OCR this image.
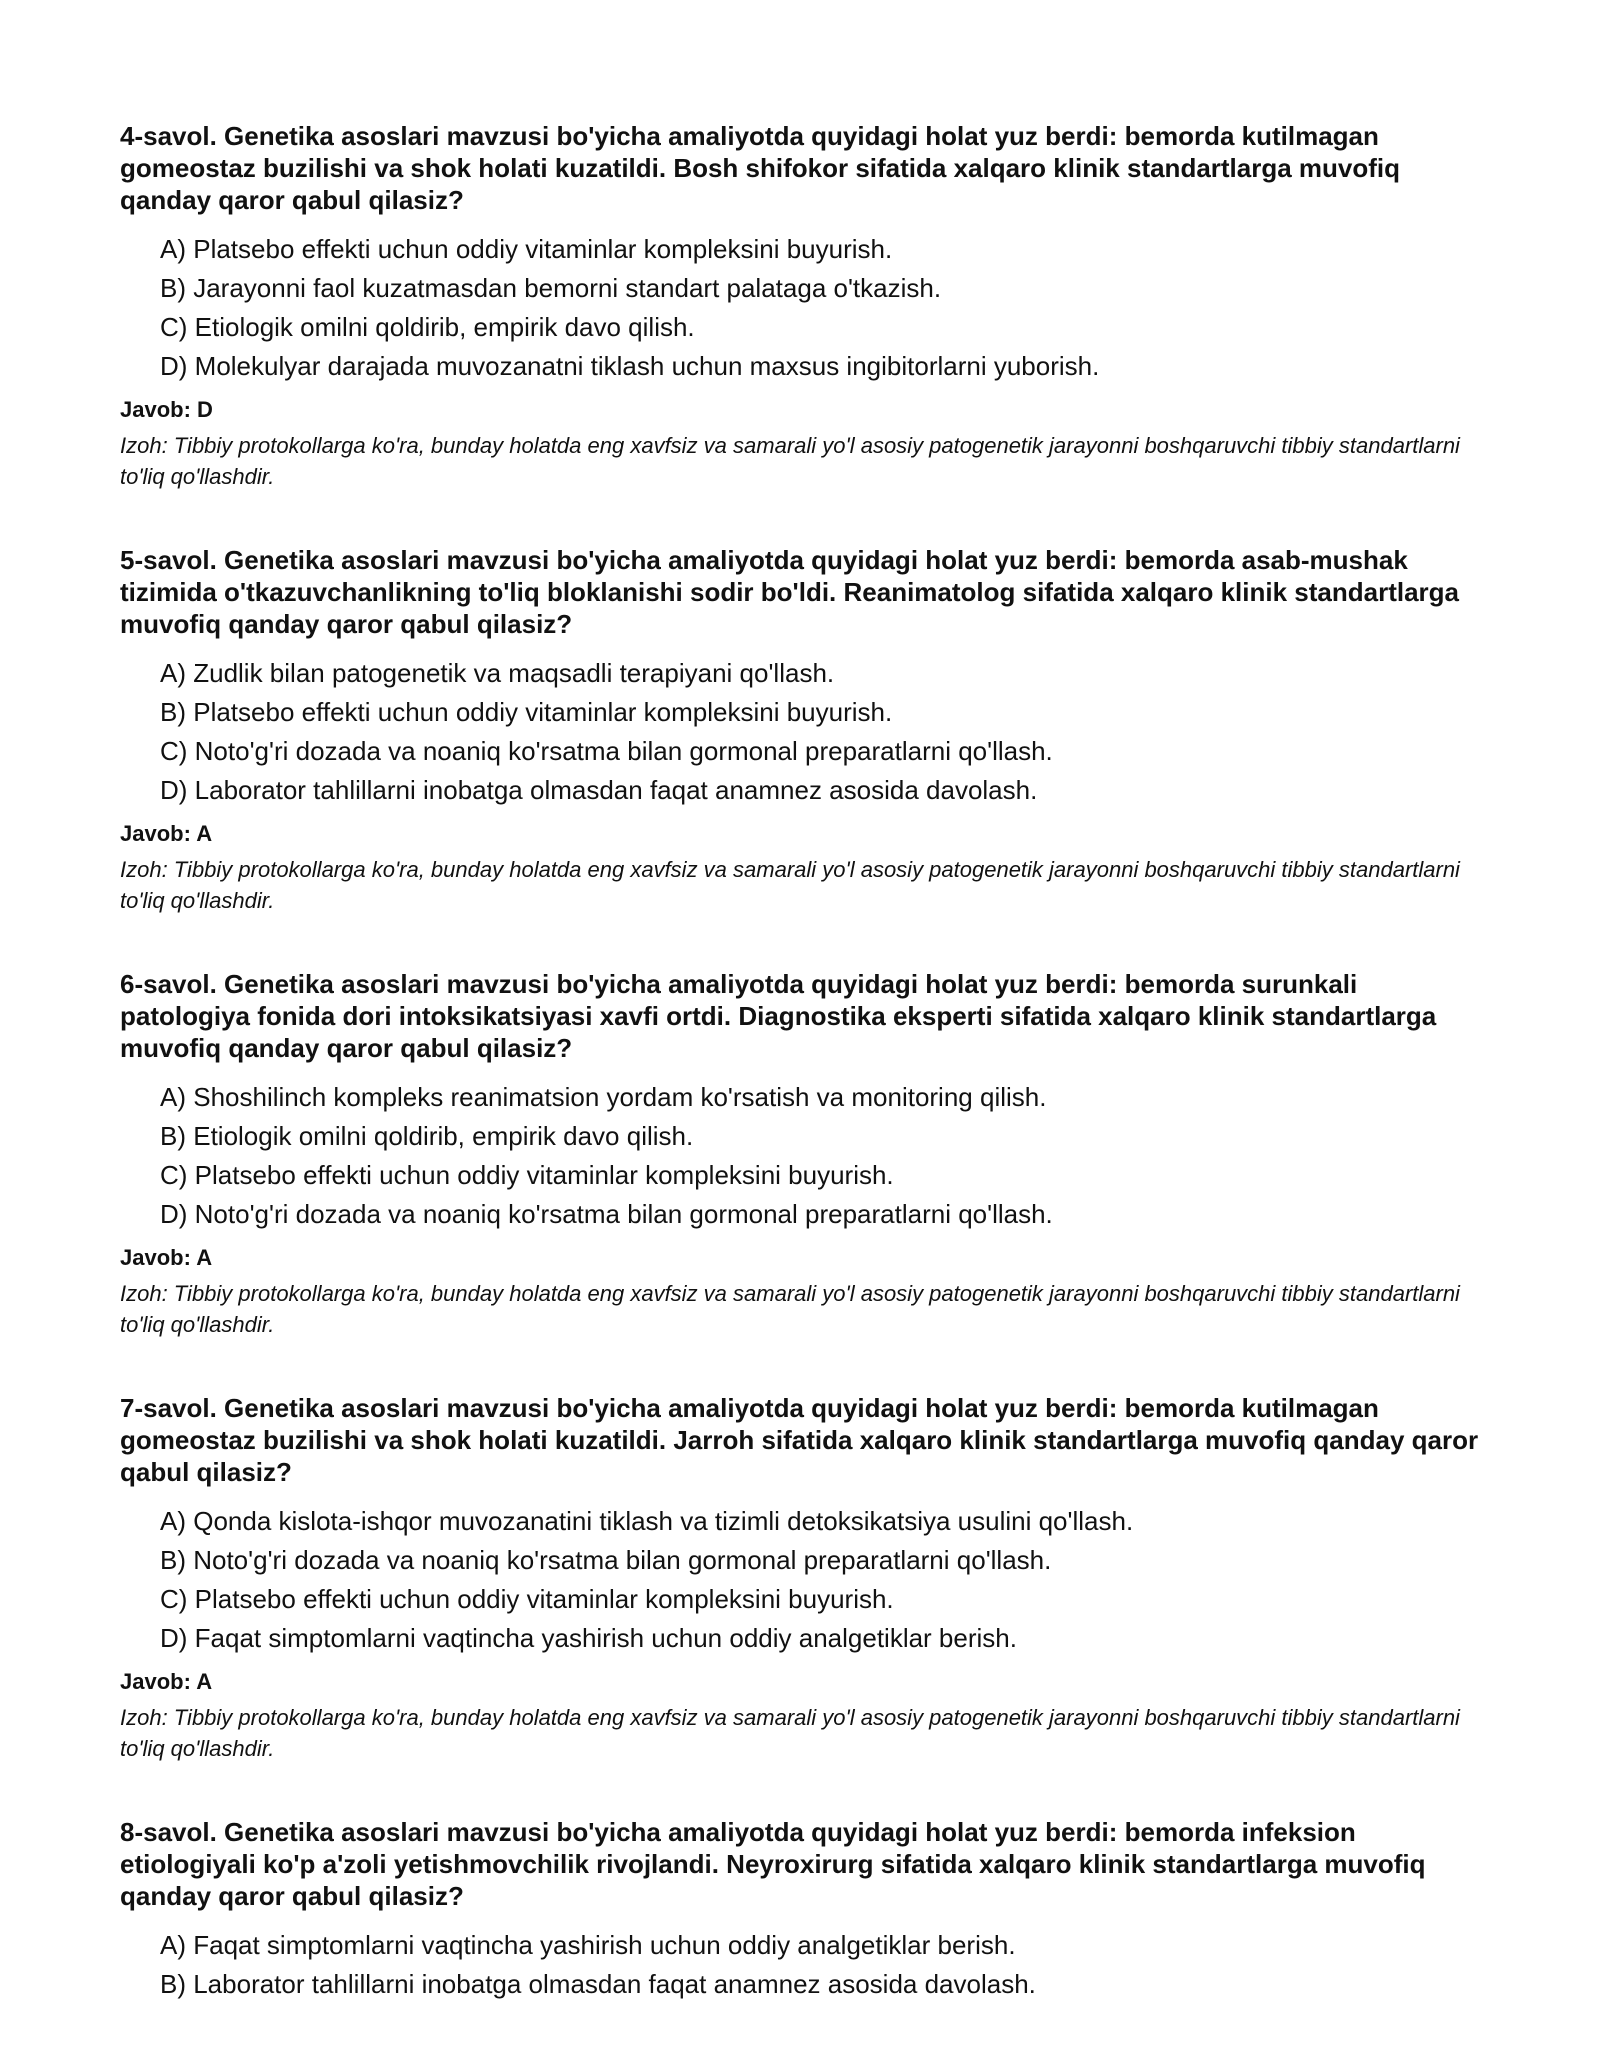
4-savol. Genetika asoslari mavzusi bo'yicha amaliyotda quyidagi holat yuz berdi: bemorda kutilmagan gomeostaz buzilishi va shok holati kuzatildi. Bosh shifokor sifatida xalqaro klinik standartlarga muvofiq qanday qaror qabul qilasiz?

A) Platsebo effekti uchun oddiy vitaminlar kompleksini buyurish.
B) Jarayonni faol kuzatmasdan bemorni standart palataga o'tkazish.
C) Etiologik omilni qoldirib, empirik davo qilish.
D) Molekulyar darajada muvozanatni tiklash uchun maxsus ingibitorlarni yuborish.

Javob: D

Izoh: Tibbiy protokollarga ko'ra, bunday holatda eng xavfsiz va samarali yo'l asosiy patogenetik jarayonni boshqaruvchi tibbiy standartlarni to'liq qo'llashdir.

5-savol. Genetika asoslari mavzusi bo'yicha amaliyotda quyidagi holat yuz berdi: bemorda asab-mushak tizimida o'tkazuvchanlikning to'liq bloklanishi sodir bo'ldi. Reanimatolog sifatida xalqaro klinik standartlarga muvofiq qanday qaror qabul qilasiz?

A) Zudlik bilan patogenetik va maqsadli terapiyani qo'llash.
B) Platsebo effekti uchun oddiy vitaminlar kompleksini buyurish.
C) Noto'g'ri dozada va noaniq ko'rsatma bilan gormonal preparatlarni qo'llash.
D) Laborator tahlillarni inobatga olmasdan faqat anamnez asosida davolash.

Javob: A

Izoh: Tibbiy protokollarga ko'ra, bunday holatda eng xavfsiz va samarali yo'l asosiy patogenetik jarayonni boshqaruvchi tibbiy standartlarni to'liq qo'llashdir.

6-savol. Genetika asoslari mavzusi bo'yicha amaliyotda quyidagi holat yuz berdi: bemorda surunkali patologiya fonida dori intoksikatsiyasi xavfi ortdi. Diagnostika eksperti sifatida xalqaro klinik standartlarga muvofiq qanday qaror qabul qilasiz?

A) Shoshilinch kompleks reanimatsion yordam ko'rsatish va monitoring qilish.
B) Etiologik omilni qoldirib, empirik davo qilish.
C) Platsebo effekti uchun oddiy vitaminlar kompleksini buyurish.
D) Noto'g'ri dozada va noaniq ko'rsatma bilan gormonal preparatlarni qo'llash.

Javob: A

Izoh: Tibbiy protokollarga ko'ra, bunday holatda eng xavfsiz va samarali yo'l asosiy patogenetik jarayonni boshqaruvchi tibbiy standartlarni to'liq qo'llashdir.

7-savol. Genetika asoslari mavzusi bo'yicha amaliyotda quyidagi holat yuz berdi: bemorda kutilmagan gomeostaz buzilishi va shok holati kuzatildi. Jarroh sifatida xalqaro klinik standartlarga muvofiq qanday qaror qabul qilasiz?

A) Qonda kislota-ishqor muvozanatini tiklash va tizimli detoksikatsiya usulini qo'llash.
B) Noto'g'ri dozada va noaniq ko'rsatma bilan gormonal preparatlarni qo'llash.
C) Platsebo effekti uchun oddiy vitaminlar kompleksini buyurish.
D) Faqat simptomlarni vaqtincha yashirish uchun oddiy analgetiklar berish.

Javob: A

Izoh: Tibbiy protokollarga ko'ra, bunday holatda eng xavfsiz va samarali yo'l asosiy patogenetik jarayonni boshqaruvchi tibbiy standartlarni to'liq qo'llashdir.

8-savol. Genetika asoslari mavzusi bo'yicha amaliyotda quyidagi holat yuz berdi: bemorda infeksion etiologiyali ko'p a'zoli yetishmovchilik rivojlandi. Neyroxirurg sifatida xalqaro klinik standartlarga muvofiq qanday qaror qabul qilasiz?

A) Faqat simptomlarni vaqtincha yashirish uchun oddiy analgetiklar berish.
B) Laborator tahlillarni inobatga olmasdan faqat anamnez asosida davolash.
